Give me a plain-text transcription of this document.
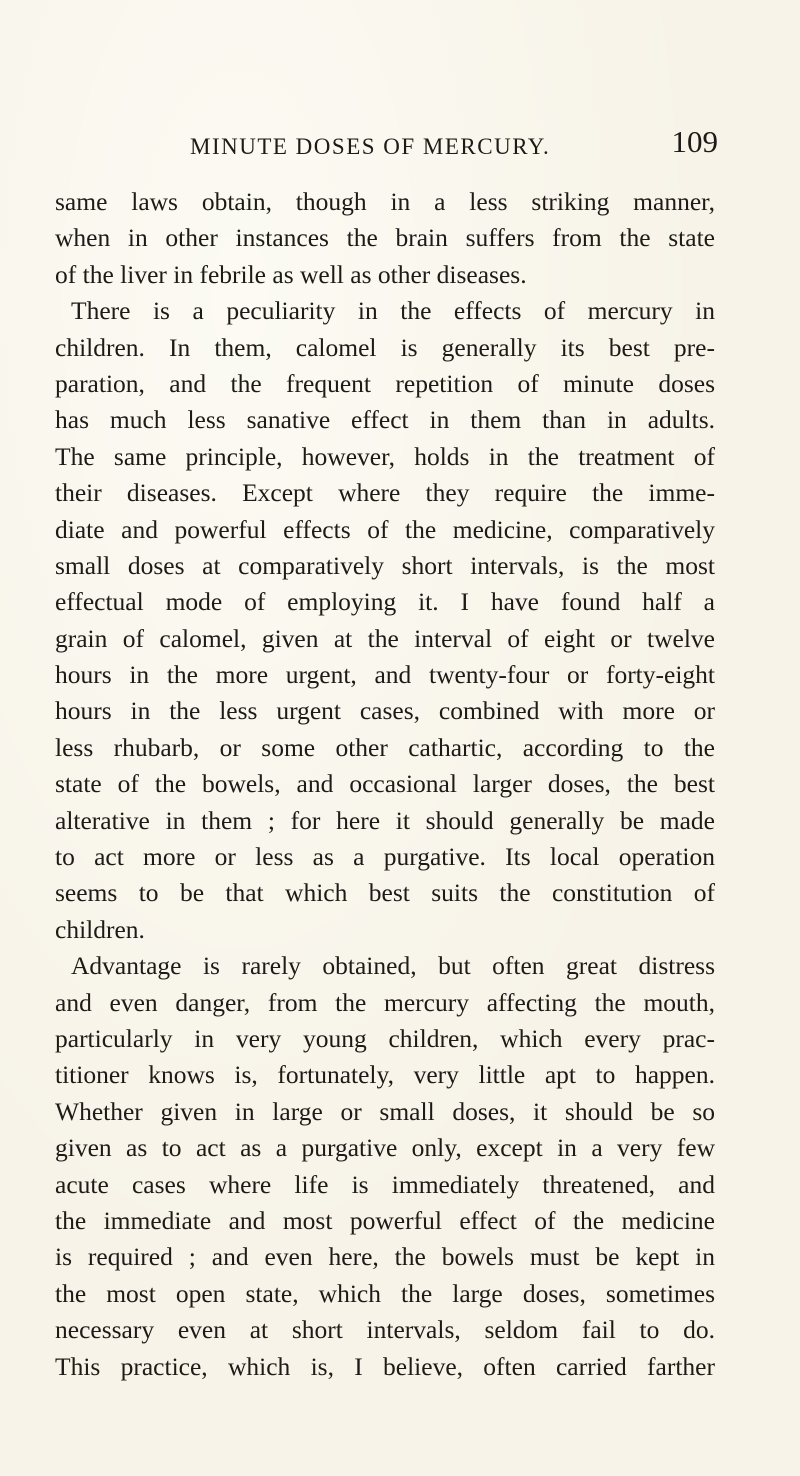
MINUTE DOSES OF MERCURY.	109
same laws obtain, though in a less striking manner,
when in other instances the brain suffers from the state
of the liver in febrile as well as other diseases.
There is a peculiarity in the effects of mercury in
children. In them, calomel is generally its best pre-
paration, and the frequent repetition of minute doses
has much less sanative effect in them than in adults.
The same principle, however, holds in the treatment of
their diseases. Except where they require the imme-
diate and powerful effects of the medicine, comparatively
small doses at comparatively short intervals, is the most
effectual mode of employing it. I have found half a
grain of calomel, given at the interval of eight or twelve
hours in the more urgent, and twenty-four or forty-eight
hours in the less urgent cases, combined with more or
less rhubarb, or some other cathartic, according to the
state of the bowels, and occasional larger doses, the best
alterative in them ; for here it should generally be made
to act more or less as a purgative. Its local operation
seems to be that which best suits the constitution of
children.
Advantage is rarely obtained, but often great distress
and even danger, from the mercury affecting the mouth,
particularly in very young children, which every prac-
titioner knows is, fortunately, very little apt to happen.
Whether given in large or small doses, it should be so
given as to act as a purgative only, except in a very few
acute cases where life is immediately threatened, and
the immediate and most powerful effect of the medicine
is required ; and even here, the bowels must be kept in
the most open state, which the large doses, sometimes
necessary even at short intervals, seldom fail to do.
This practice, which is, I believe, often carried farther
